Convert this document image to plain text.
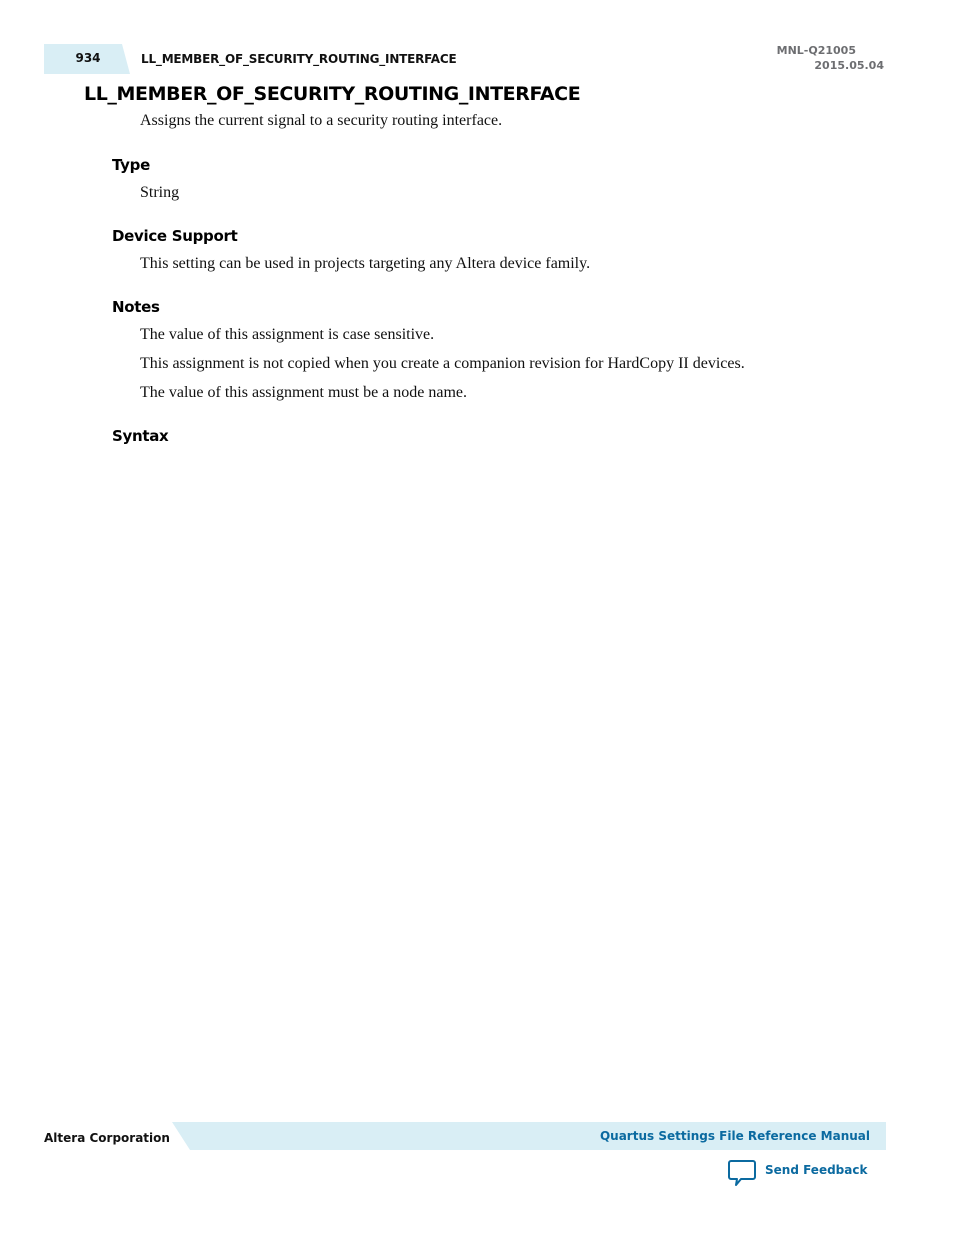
934	LL_MEMBER_OF_SECURITY_ROUTING_INTERFACE
MNL-Q21005
2015.05.04
LL_MEMBER_OF_SECURITY_ROUTING_INTERFACE

Assigns the current signal to a security routing interface.

Type

String

Device Support

This setting can be used in projects targeting any Altera device family.

Notes

The value of this assignment is case sensitive.

This assignment is not copied when you create a companion revision for HardCopy II devices.

The value of this assignment must be a node name.

Syntax
Altera Corporation	Quartus Settings File Reference Manual
Send Feedback
